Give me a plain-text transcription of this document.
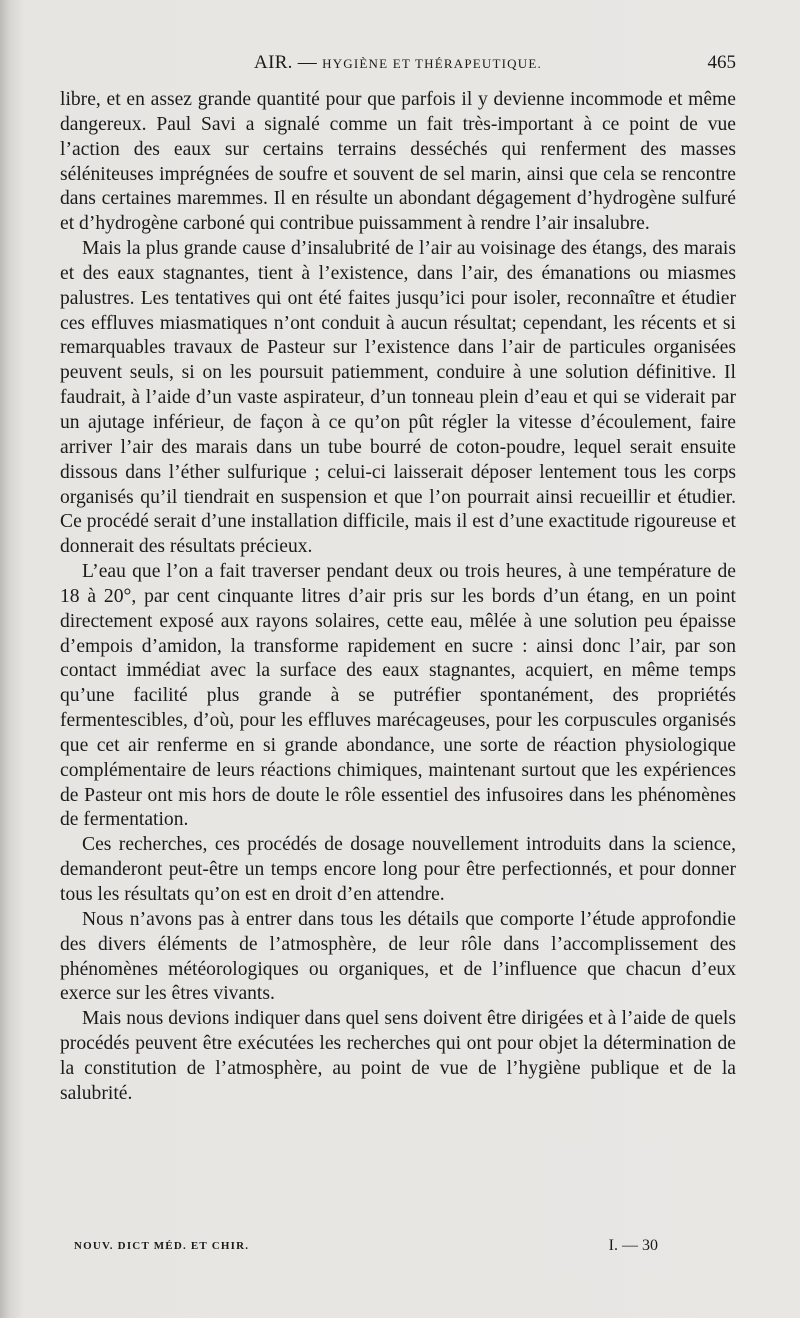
AIR. — HYGIÈNE ET THÉRAPEUTIQUE.	465

libre, et en assez grande quantité pour que parfois il y devienne incommode et même dangereux. Paul Savi a signalé comme un fait très-important à ce point de vue l’action des eaux sur certains terrains desséchés qui renferment des masses séléniteuses imprégnées de soufre et souvent de sel marin, ainsi que cela se rencontre dans certaines maremmes. Il en résulte un abondant dégagement d’hydrogène sulfuré et d’hydrogène carboné qui contribue puissamment à rendre l’air insalubre.

Mais la plus grande cause d’insalubrité de l’air au voisinage des étangs, des marais et des eaux stagnantes, tient à l’existence, dans l’air, des émanations ou miasmes palustres. Les tentatives qui ont été faites jusqu’ici pour isoler, reconnaître et étudier ces effluves miasmatiques n’ont conduit à aucun résultat; cependant, les récents et si remarquables travaux de Pasteur sur l’existence dans l’air de particules organisées peuvent seuls, si on les poursuit patiemment, conduire à une solution définitive. Il faudrait, à l’aide d’un vaste aspirateur, d’un tonneau plein d’eau et qui se viderait par un ajutage inférieur, de façon à ce qu’on pût régler la vitesse d’écoulement, faire arriver l’air des marais dans un tube bourré de coton-poudre, lequel serait ensuite dissous dans l’éther sulfurique ; celui-ci laisserait déposer lentement tous les corps organisés qu’il tiendrait en suspension et que l’on pourrait ainsi recueillir et étudier. Ce procédé serait d’une installation difficile, mais il est d’une exactitude rigoureuse et donnerait des résultats précieux.

L’eau que l’on a fait traverser pendant deux ou trois heures, à une température de 18 à 20°, par cent cinquante litres d’air pris sur les bords d’un étang, en un point directement exposé aux rayons solaires, cette eau, mêlée à une solution peu épaisse d’empois d’amidon, la transforme rapidement en sucre : ainsi donc l’air, par son contact immédiat avec la surface des eaux stagnantes, acquiert, en même temps qu’une facilité plus grande à se putréfier spontanément, des propriétés fermentescibles, d’où, pour les effluves marécageuses, pour les corpuscules organisés que cet air renferme en si grande abondance, une sorte de réaction physiologique complémentaire de leurs réactions chimiques, maintenant surtout que les expériences de Pasteur ont mis hors de doute le rôle essentiel des infusoires dans les phénomènes de fermentation.

Ces recherches, ces procédés de dosage nouvellement introduits dans la science, demanderont peut-être un temps encore long pour être perfectionnés, et pour donner tous les résultats qu’on est en droit d’en attendre.

Nous n’avons pas à entrer dans tous les détails que comporte l’étude approfondie des divers éléments de l’atmosphère, de leur rôle dans l’accomplissement des phénomènes météorologiques ou organiques, et de l’influence que chacun d’eux exerce sur les êtres vivants.

Mais nous devions indiquer dans quel sens doivent être dirigées et à l’aide de quels procédés peuvent être exécutées les recherches qui ont pour objet la détermination de la constitution de l’atmosphère, au point de vue de l’hygiène publique et de la salubrité.

NOUV. DICT MÉD. ET CHIR.	I. — 30
